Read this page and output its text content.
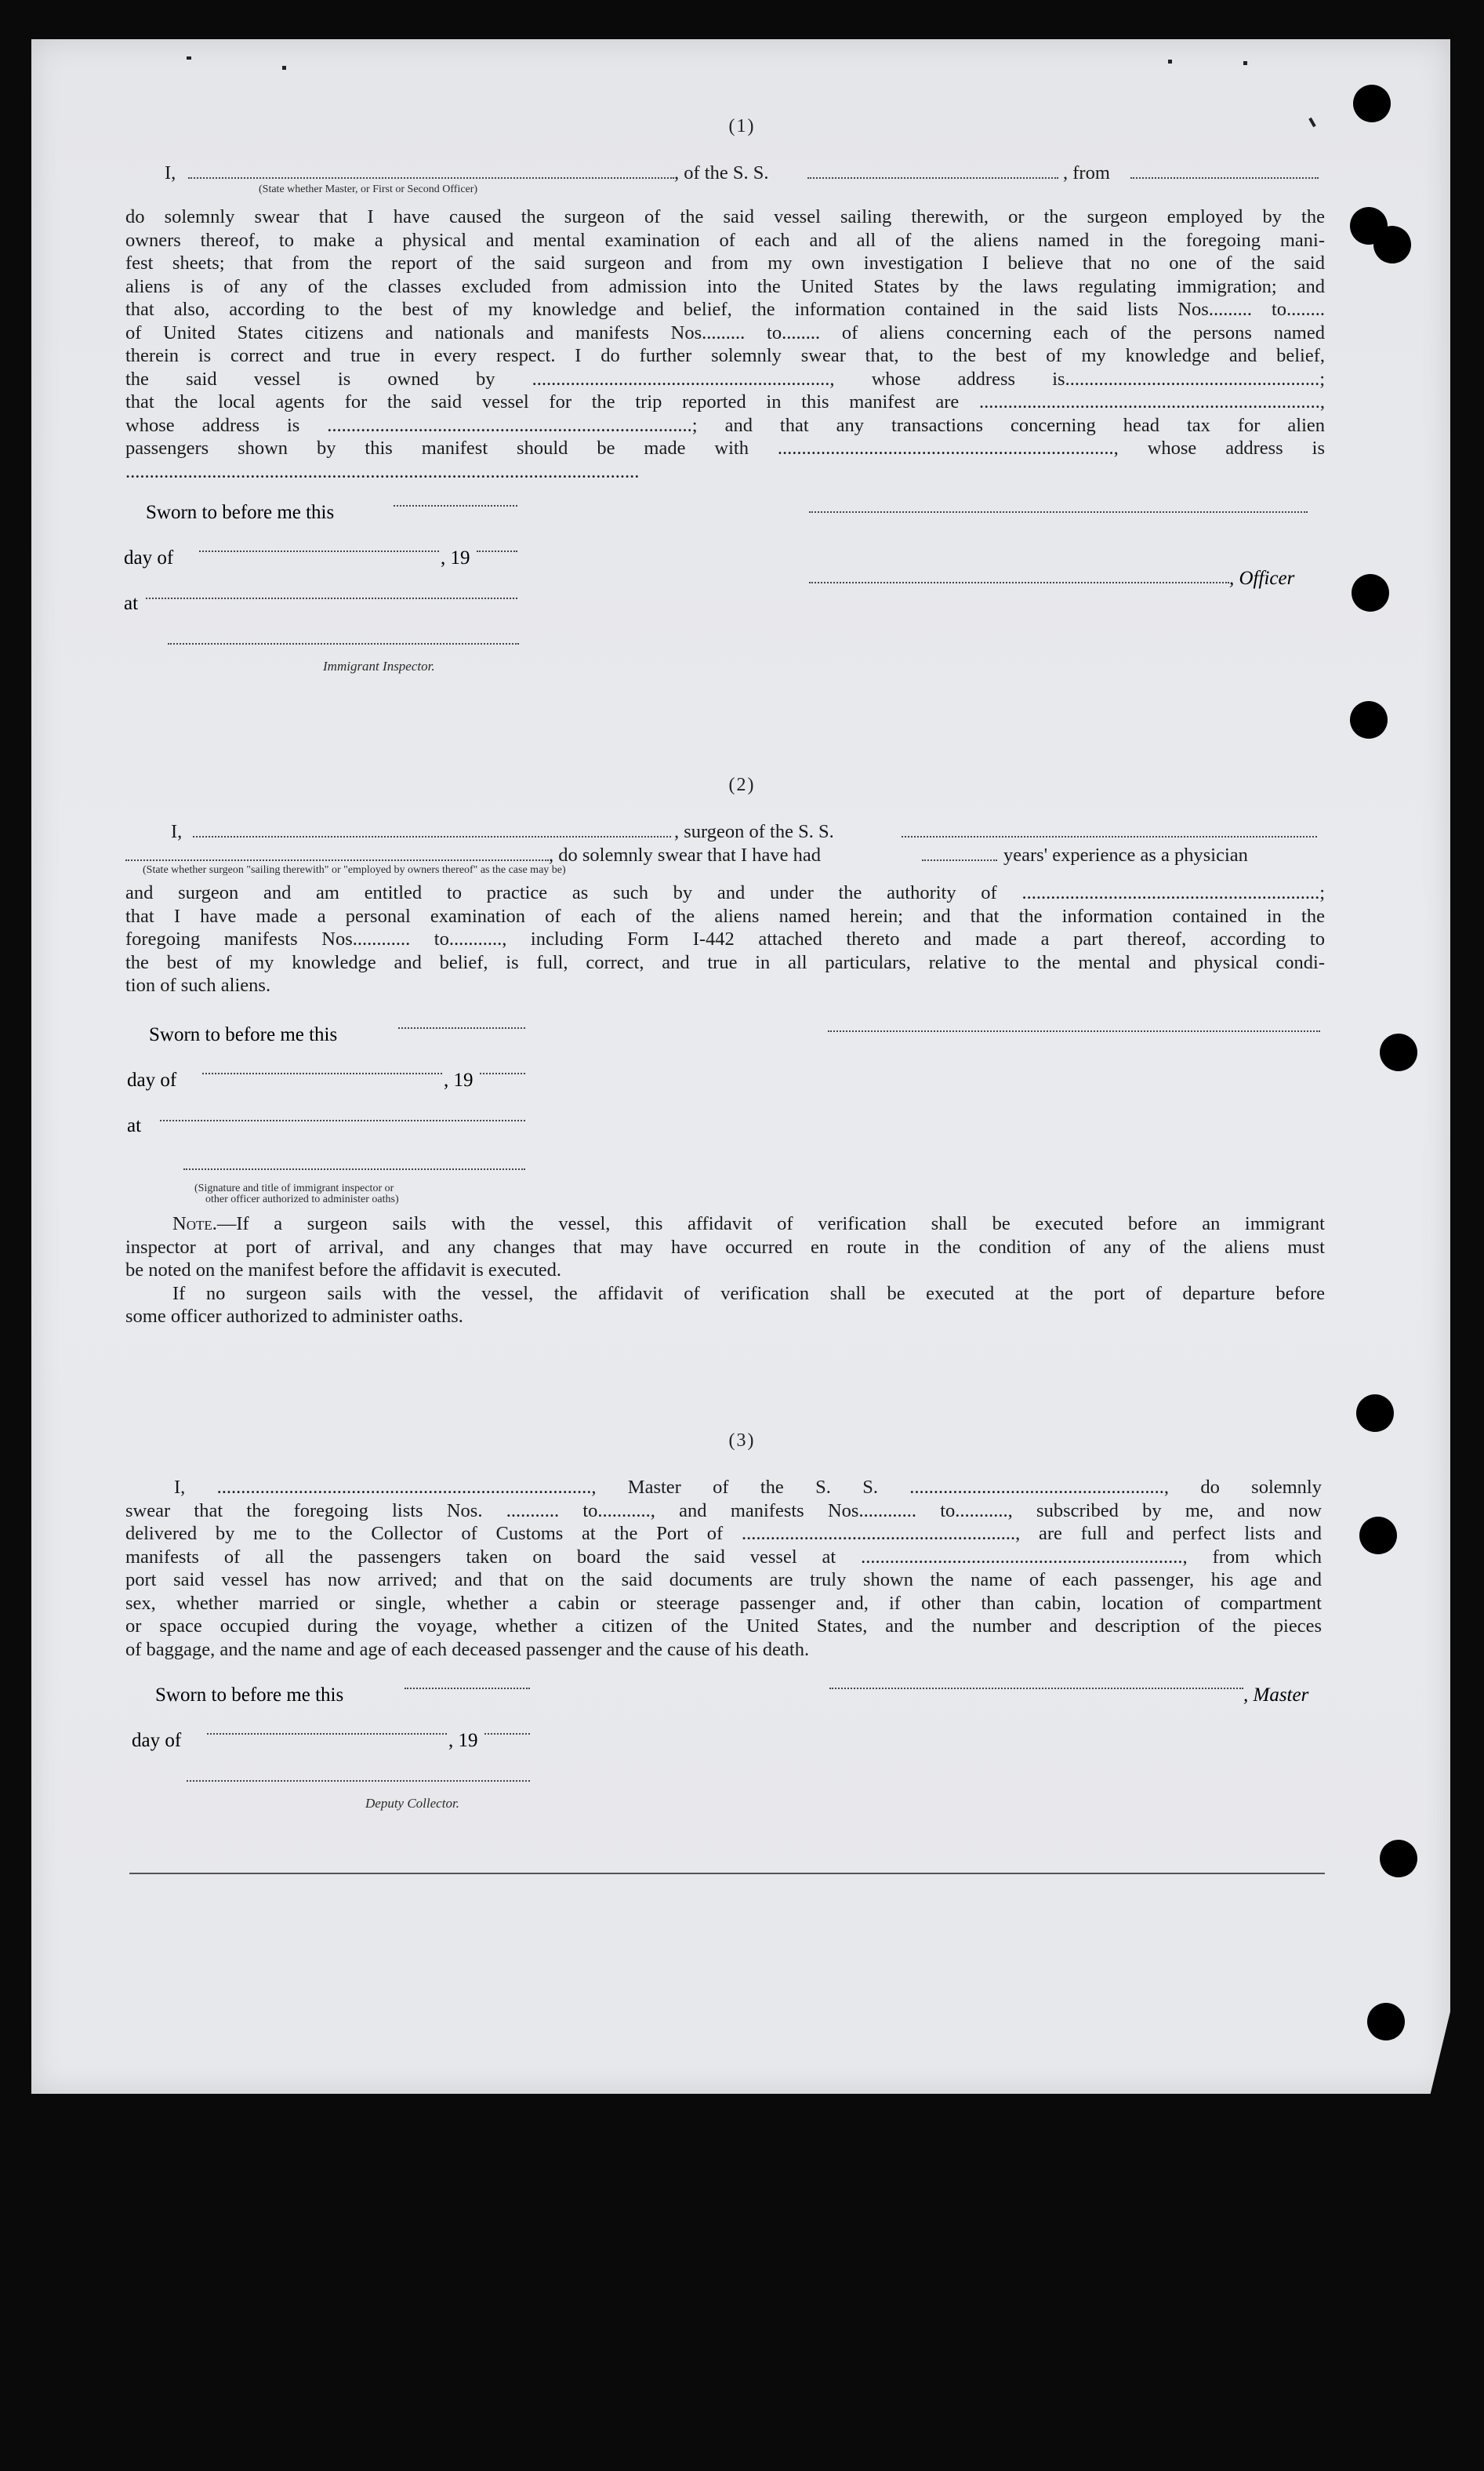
(1)
I,	, of the S. S.	, from
(State whether Master, or First or Second Officer)
do solemnly swear that I have caused the surgeon of the said vessel sailing therewith, or the surgeon employed by the
owners thereof, to make a physical and mental examination of each and all of the aliens named in the foregoing mani-
fest sheets; that from the report of the said surgeon and from my own investigation I believe that no one of the said
aliens is of any of the classes excluded from admission into the United States by the laws regulating immigration; and
that also, according to the best of my knowledge and belief, the information contained in the said lists Nos......... to........
of United States citizens and nationals and manifests Nos......... to........ of aliens concerning each of the persons named
therein is correct and true in every respect. I do further solemnly swear that, to the best of my knowledge and belief,
the said vessel is owned by .............................................................., whose address is.....................................................;
that the local agents for the said vessel for the trip reported in this manifest are .......................................................................,
whose address is ............................................................................; and that any transactions concerning head tax for alien
passengers shown by this manifest should be made with ......................................................................, whose address is
...........................................................................................................
Sworn to before me this
day of	, 19
at
Immigrant Inspector.
, Officer
(2)
I,	, surgeon of the S. S.
, do solemnly swear that I have had	years' experience as a physician
(State whether surgeon "sailing therewith" or "employed by owners thereof" as the case may be)
and surgeon and am entitled to practice as such by and under the authority of ..............................................................;
that I have made a personal examination of each of the aliens named herein; and that the information contained in the
foregoing manifests Nos............ to..........., including Form I-442 attached thereto and made a part thereof, according to
the best of my knowledge and belief, is full, correct, and true in all particulars, relative to the mental and physical condi-
tion of such aliens.
Sworn to before me this
day of	, 19
at
(Signature and title of immigrant inspector or
other officer authorized to administer oaths)
Note.—If a surgeon sails with the vessel, this affidavit of verification shall be executed before an immigrant
inspector at port of arrival, and any changes that may have occurred en route in the condition of any of the aliens must
be noted on the manifest before the affidavit is executed.
If no surgeon sails with the vessel, the affidavit of verification shall be executed at the port of departure before
some officer authorized to administer oaths.
(3)
I, .............................................................................., Master of the S. S. ....................................................., do solemnly
swear that the foregoing lists Nos. ........... to..........., and manifests Nos............ to..........., subscribed by me, and now
delivered by me to the Collector of Customs at the Port of ........................................................., are full and perfect lists and
manifests of all the passengers taken on board the said vessel at ..................................................................., from which
port said vessel has now arrived; and that on the said documents are truly shown the name of each passenger, his age and
sex, whether married or single, whether a cabin or steerage passenger and, if other than cabin, location of compartment
or space occupied during the voyage, whether a citizen of the United States, and the number and description of the pieces
of baggage, and the name and age of each deceased passenger and the cause of his death.
Sworn to before me this
day of	, 19
Deputy Collector.
, Master
